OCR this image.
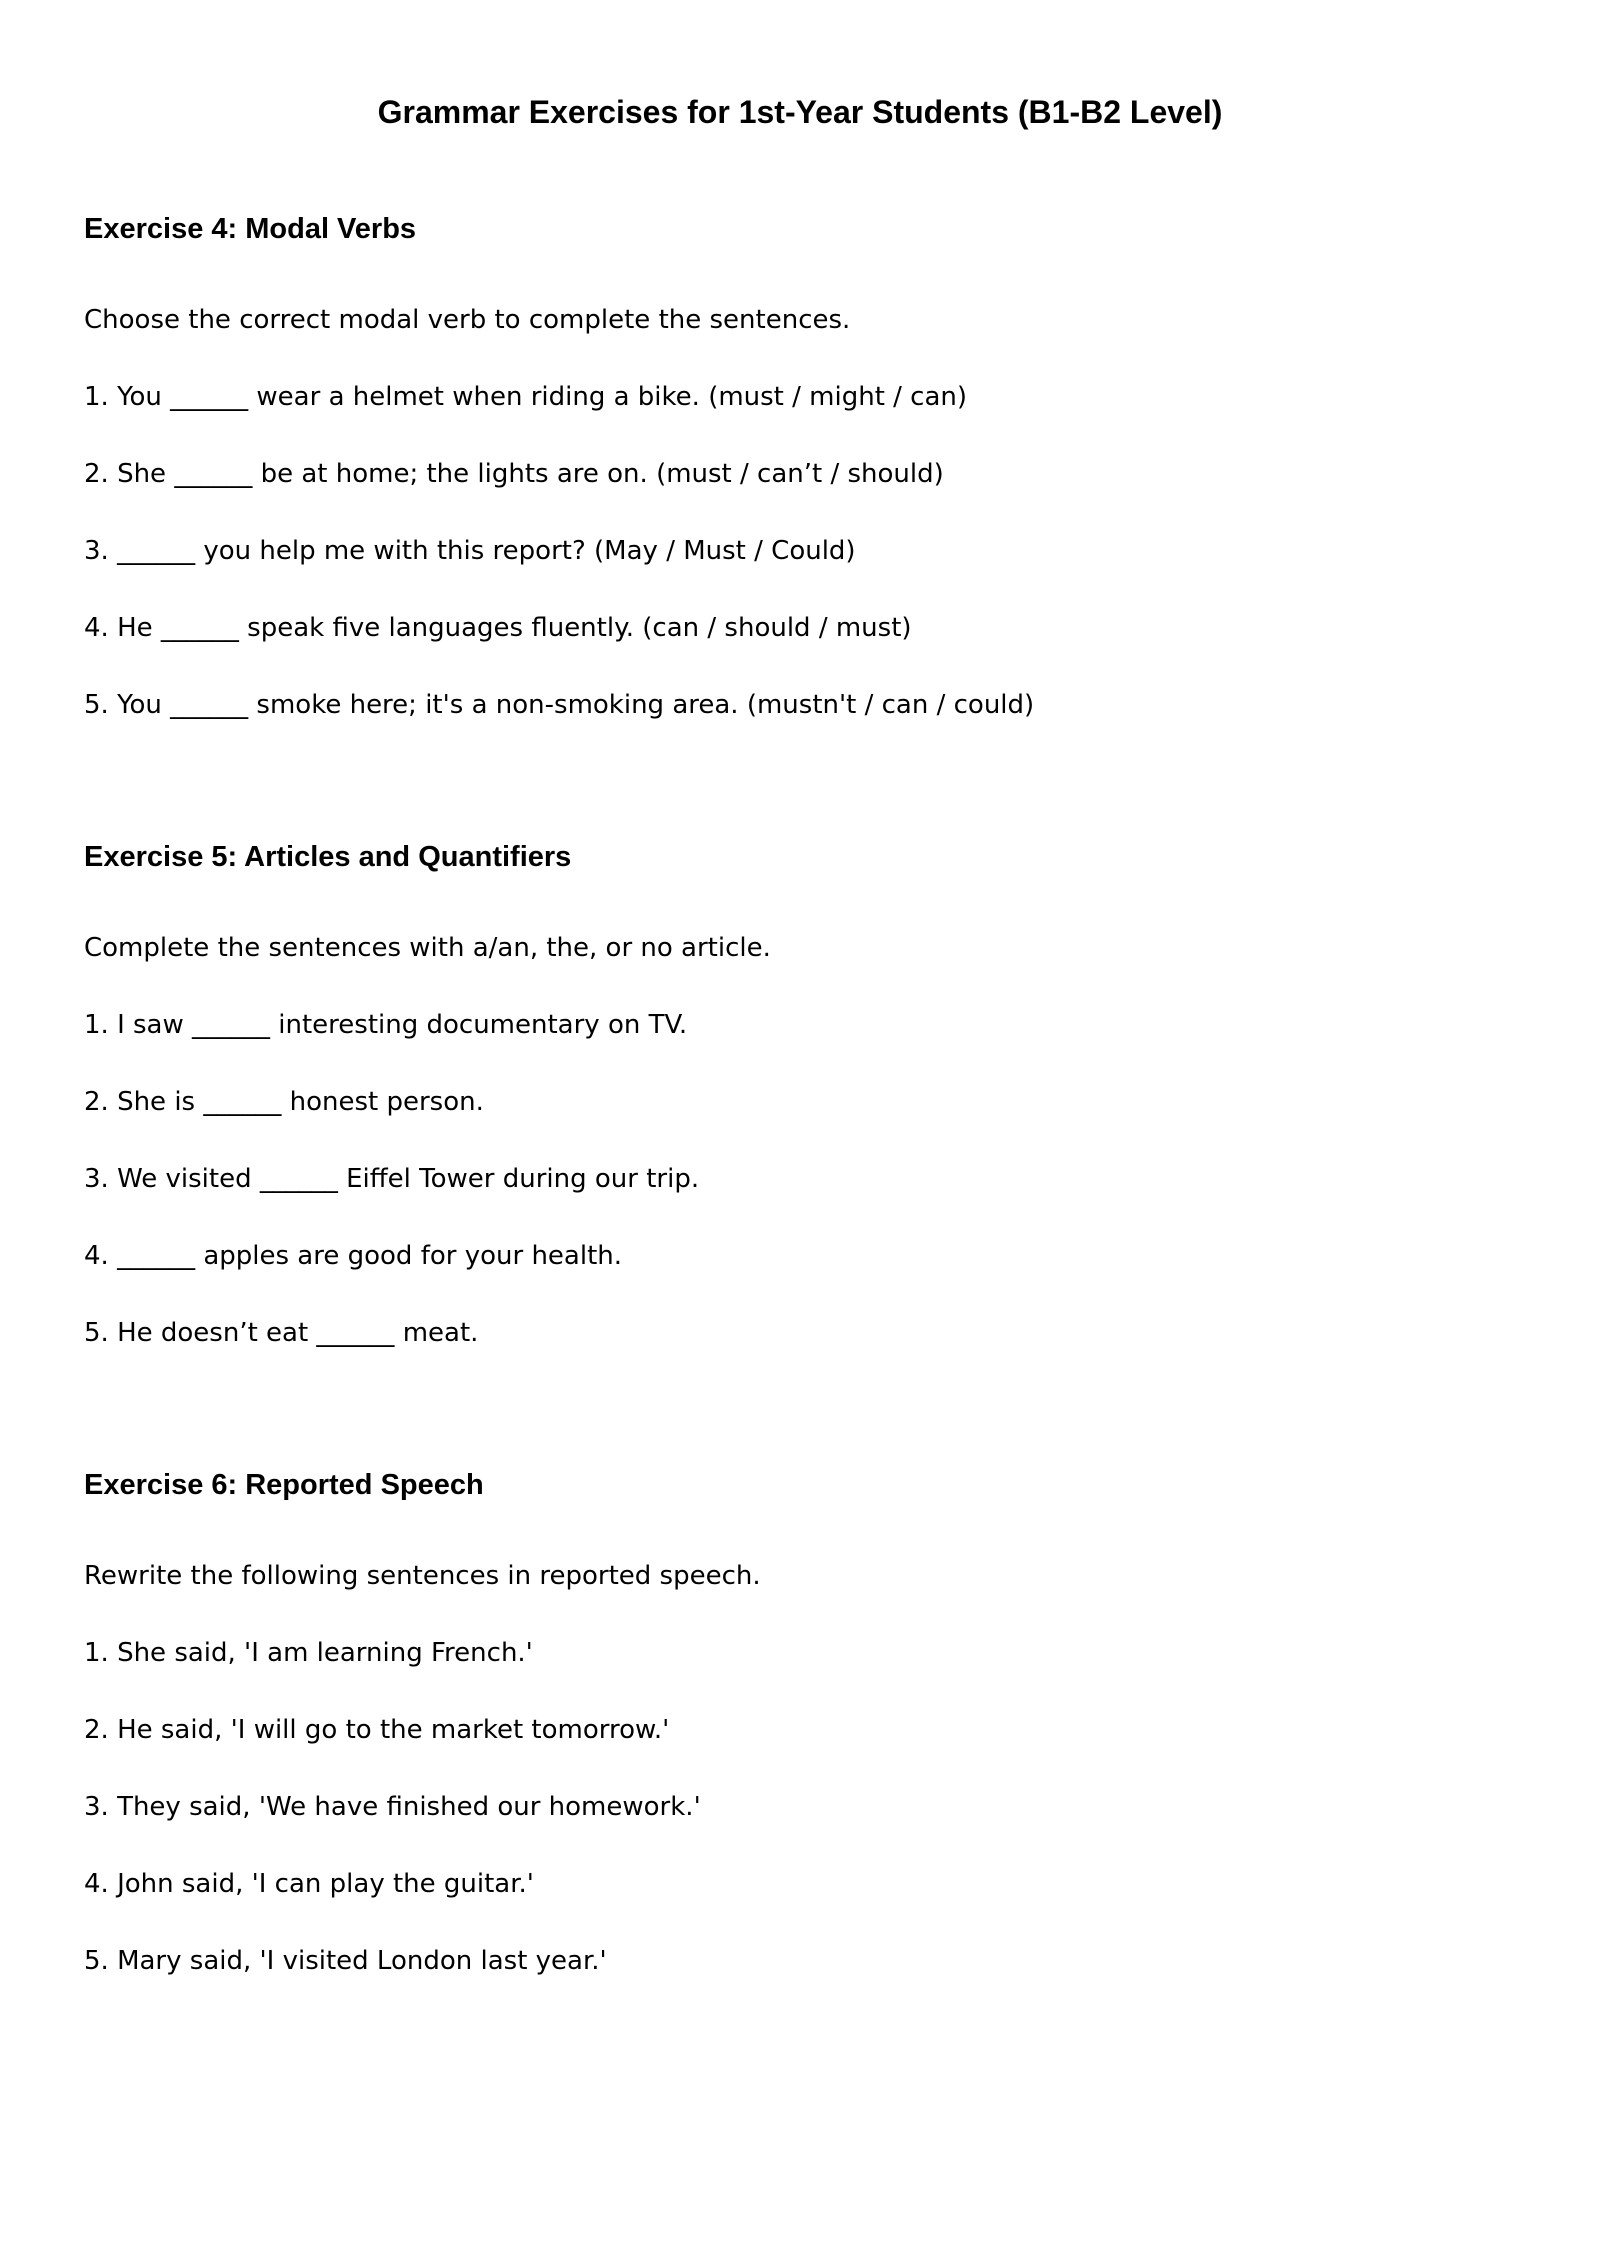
Grammar Exercises for 1st-Year Students (B1-B2 Level)
Exercise 4: Modal Verbs

Choose the correct modal verb to complete the sentences.

1. You ______ wear a helmet when riding a bike. (must / might / can)
2. She ______ be at home; the lights are on. (must / can’t / should)
3. ______ you help me with this report? (May / Must / Could)
4. He ______ speak five languages fluently. (can / should / must)
5. You ______ smoke here; it's a non-smoking area. (mustn't / can / could)
Exercise 5: Articles and Quantifiers

Complete the sentences with a/an, the, or no article.

1. I saw ______ interesting documentary on TV.
2. She is ______ honest person.
3. We visited ______ Eiffel Tower during our trip.
4. ______ apples are good for your health.
5. He doesn’t eat ______ meat.
Exercise 6: Reported Speech

Rewrite the following sentences in reported speech.

1. She said, 'I am learning French.'
2. He said, 'I will go to the market tomorrow.'
3. They said, 'We have finished our homework.'
4. John said, 'I can play the guitar.'
5. Mary said, 'I visited London last year.'
